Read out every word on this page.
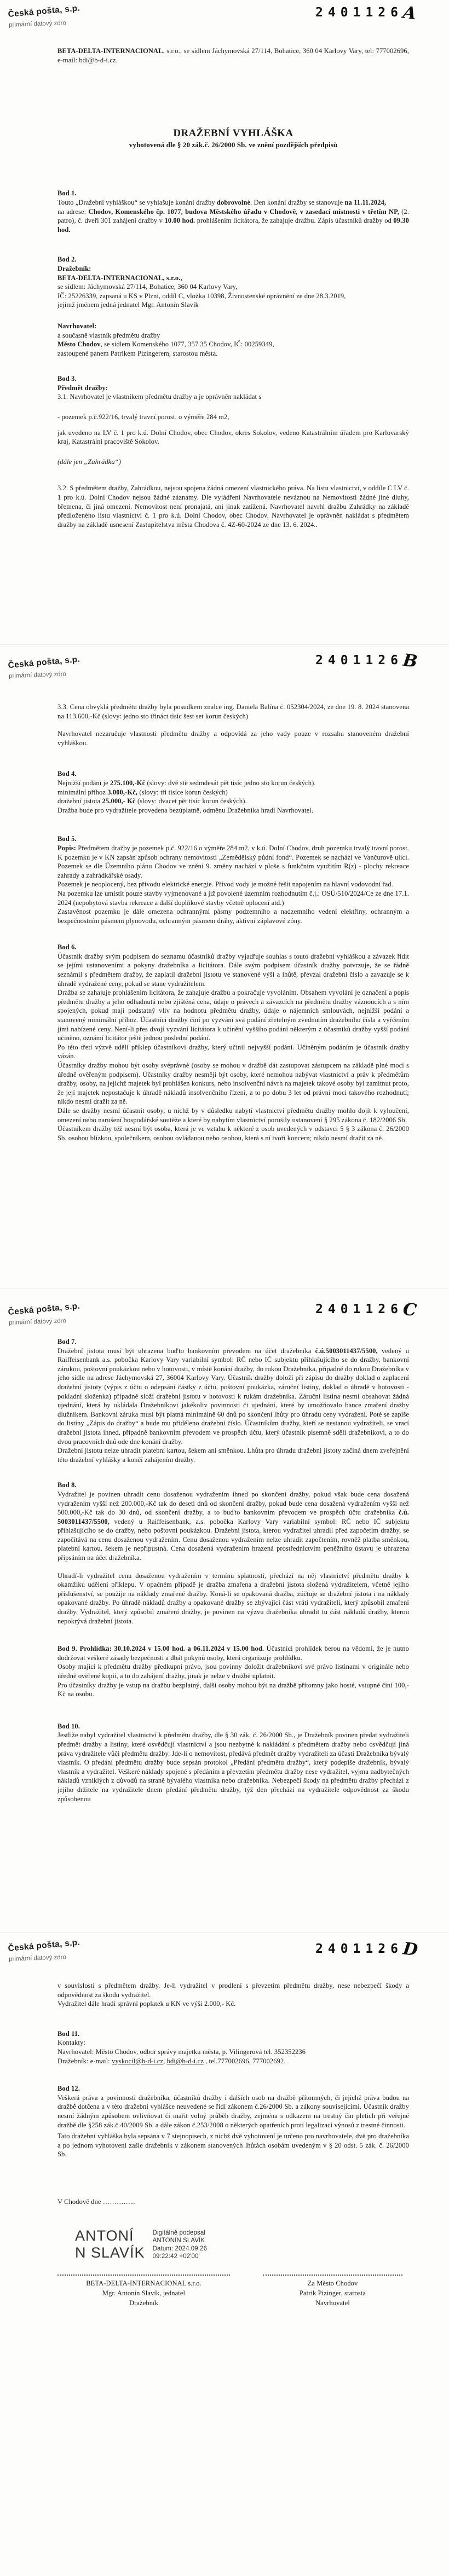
Česká pošta, s.p.
primární datový zdro
2401126A

BETA-DELTA-INTERNACIONAL, s.r.o., se sídlem Jáchymovská 27/114, Bohatice, 360 04 Karlovy Vary, tel: 777002696, e-mail: bdi@b-d-i.cz.

DRAŽEBNÍ VYHLÁŠKA
vyhotovená dle § 20 zák.č. 26/2000 Sb. ve znění pozdějších předpisů

Bod 1.

Touto „Dražební vyhláškou“ se vyhlašuje konání dražby dobrovolné. Den konání dražby se stanovuje na 11.11.2024,
na adrese: Chodov, Komenského čp. 1077, budova Městského úřadu v Chodově, v zasedací místnosti v třetím NP, (2. patro), č. dveří 301 zahájení dražby v 10.00 hod. prohlášením licitátora, že zahajuje dražbu. Zápis účastníků dražby od 09.30 hod.

Bod 2.

Dražebník:

BETA-DELTA-INTERNACIONAL, s.r.o.,

se sídlem: Jáchymovská 27/114, Bohatice, 360 04 Karlovy Vary,

IČ: 25226339, zapsaná u KS v Plzni, oddíl C, vložka 10398, Živnostenské oprávnění ze dne 28.3.2019,

jejímž jménem jedná jednatel Mgr. Antonín Slavík

Navrhovatel:

a současně vlastník předmětu dražby

Město Chodov, se sídlem Komenského 1077, 357 35 Chodov, IČ: 00259349,

zastoupené panem Patrikem Pizingerem, starostou města.

Bod 3.

Předmět dražby:

3.1. Navrhovatel je vlastníkem předmětu dražby a je oprávněn nakládat s

- pozemek p.č.922/16, trvalý travní porost, o výměře 284 m2,

jak uvedeno na LV č. 1 pro k.ú. Dolní Chodov, obec Chodov, okres Sokolov, vedeno Katastrálním úřadem pro Karlovarský kraj, Katastrální pracoviště Sokolov.

(dále jen „Zahrádka“)

3.2. S předmětem dražby, Zahrádkou, nejsou spojena žádná omezení vlastnického práva. Na listu vlastnictví, v oddíle C LV č. 1 pro k.ú. Dolní Chodov nejsou žádné záznamy. Dle vyjádření Navrhovatele neváznou na Nemovitosti žádné jiné dluhy, břemena, či jiná omezení. Nemovitost není pronajatá, ani jinak zatížená. Navrhovatel navrhl dražbu Zahrádky na základě předloženého listu vlastnictví č. 1 pro k.ú. Dolní Chodov, obec Chodov. Navrhovatel je oprávněn nakládat s předmětem dražby na základě usnesení Zastupitelstva města Chodova č. 4Z-60-2024 ze dne 13. 6. 2024..

Česká pošta, s.p.
primární datový zdro
2401126B

3.3. Cena obvyklá předmětu dražby byla posudkem znalce ing. Daniela Balína č. 052304/2024, ze dne 19. 8. 2024 stanovena na 113.600,-Kč (slovy: jedno sto třináct tisíc šest set korun českých)

Navrhovatel nezaručuje vlastnosti předmětu dražby a odpovídá za jeho vady pouze v rozsahu stanoveném dražební vyhláškou.

Bod 4.

Nejnižší podání je 275.100,-Kč (slovy: dvě stě sedmdesát pět tisíc jedno sto korun českých).

minimální příhoz 3.000,-Kč, (slovy: tři tisíce korun českých)

dražební jistota 25.000,- Kč (slovy: dvacet pět tisíc korun českých).

Dražba bude pro vydražitele provedena bezúplatně, odměnu Dražebníka hradí Navrhovatel.

Bod 5.

Popis: Předmětem dražby je pozemek p.č. 922/16 o výměře 284 m2, v k.ú. Dolní Chodov, druh pozemku trvalý travní porost. K pozemku je v KN zapsán způsob ochrany nemovitosti „Zemědělský půdní fond“. Pozemek se nachází ve Vančurově ulici. Pozemek se dle Územního plánu Chodov ve znění 9. změny nachází v ploše s funkčním využitím R(z) - plochy rekreace zahrady a zahrádkářské osady.

Pozemek je neoplocený, bez přívodu elektrické energie. Přívod vody je možné řešit napojením na hlavní vodovodní řad.

Na pozemku lze umístit pouze stavby vyjmenované a již povolené územním rozhodnutím č.j.: OSÚ/510/2024/Ce ze dne 17.1. 2024 (nepobytová stavba rekreace a další doplňkové stavby včetně oplocení atd.)

Zastavěnost pozemku je dále omezena ochrannými pásmy podzemního a nadzemního vedení elektřiny, ochranným a bezpečnostním pásmem plynovodu, ochranným pásmem dráhy, aktivní záplavové zóny.

Bod 6.

Účastník dražby svým podpisem do seznamu účastníků dražby vyjadřuje souhlas s touto dražební vyhláškou a závazek řídit se jejími ustanoveními a pokyny dražebníka a licitátora. Dále svým podpisem účastník dražby potvrzuje, že se řádně seznámil s předmětem dražby, že zaplatil dražební jistotu ve stanovené výši a lhůtě, převzal dražební číslo a zavazuje se k úhradě vydražené ceny, pokud se stane vydražitelem.

Dražba se zahajuje prohlášením licitátora, že zahajuje dražbu a pokračuje vyvoláním. Obsahem vyvolání je označení a popis předmětu dražby a jeho odhadnutá nebo zjištěná cena, údaje o právech a závazcích na předmětu dražby váznoucích a s ním spojených, pokud mají podstatný vliv na hodnotu předmětu dražby, údaje o nájemních smlouvách, nejnižší podání a stanovený minimální příhoz. Účastníci dražby činí po vyzvání svá podání zřetelným zvednutím dražebního čísla a vyřčením jimi nabízené ceny. Není-li přes dvojí vyzvání licitátora k učinění vyššího podání některým z účastníků dražby vyšší podání učiněno, oznámí licitátor ještě jednou poslední podání.

Po této třetí výzvě udělí příklep účastníkovi dražby, který učinil nejvyšší podání. Učiněným podáním je účastník dražby vázán.

Účastníky dražby mohou být osoby svéprávné (osoby se mohou v dražbě dát zastupovat zástupcem na základě plné moci s úředně ověřeným podpisem). Účastníky dražby nesmějí být osoby, které nemohou nabývat vlastnictví a práv k předmětům dražby, osoby, na jejichž majetek byl prohlášen konkurs, nebo insolvenční návrh na majetek takové osoby byl zamítnut proto, že její majetek nepostačuje k úhradě nákladů insolvenčního řízení, a to po dobu 3 let od právní moci takového rozhodnutí; nikdo nesmí dražit za ně.

Dále se dražby nesmí účastnit osoby, u nichž by v důsledku nabytí vlastnictví předmětu dražby mohlo dojít k vyloučení, omezení nebo narušení hospodářské soutěže a které by nabytím vlastnictví porušily ustanovení § 295 zákona č. 182/2006 Sb.

Účastníkem dražby též nesmí být osoba, která je ve vztahu k některé z osob uvedených v odstavci 5 § 3 zákona č. 26/2000 Sb. osobou blízkou, společníkem, osobou ovládanou nebo osobou, která s ní tvoří koncern; nikdo nesmí dražit za ně.

Česká pošta, s.p.
primární datový zdro
2401126C

Bod 7.

Dražební jistota musí být uhrazena buďto bankovním převodem na účet dražebníka č.ú.5003011437/5500, vedený u Raiffeisenbank a.s. pobočka Karlovy Vary variabilní symbol: RČ nebo IČ subjektu přihlašujícího se do dražby, bankovní zárukou, poštovní poukázkou nebo v hotovosti, v místě konání dražby, do rukou Dražebníka, případně do rukou Dražebníka v jeho sídle na adrese Jáchymovská 27, 36004 Karlovy Vary. Účastník dražby doloží při zápisu do dražby doklad o zaplacení dražební jistoty (výpis z účtu o odepsání částky z účtu, poštovní poukázka, záruční listiny, doklad o úhradě v hotovosti - pokladní složenka) případně složí dražební jistotu v hotovosti k rukám dražebníka. Záruční listina nesmí obsahovat žádná ujednání, která by ukládala Dražebníkovi jakékoliv povinnosti či ujednání, které by umožňovalo bance zmaření dražby dlužníkem. Bankovní záruka musí být platná minimálně 60 dnů po skončení lhůty pro úhradu ceny vydražení. Poté se zapíše do listiny „Zápis do dražby“ a bude mu přiděleno dražební číslo. Účastníkům dražby, kteří se nestanou vydražiteli, se vrací dražební jistota ihned, případně bankovním převodem ve prospěch účtu, který účastník písemně sdělí dražebníkovi, a to do dvou pracovních dnů ode dne konání dražby.

Dražební jistotu nelze uhradit platební kartou, šekem ani směnkou. Lhůta pro úhradu dražební jistoty začíná dnem zveřejnění této dražební vyhlášky a končí zahájením dražby.

Bod 8.

Vydražitel je povinen uhradit cenu dosaženou vydražením ihned po skončení dražby, pokud však bude cena dosažená vydražením vyšší než 200.000,-Kč tak do deseti dnů od skončení dražby, pokud bude cena dosažená vydražením vyšší než 500.000,-Kč tak do 30 dnů, od skončení dražby, a to buďto bankovním převodem ve prospěch účtu dražebníka č.ú. 5003011437/5500, vedený u Raiffeisenbank, a.s. pobočka Karlovy Vary variabilní symbol: RČ nebo IČ subjektu přihlašujícího se do dražby, nebo poštovní poukázkou. Dražební jistota, kterou vydražitel uhradil před započetím dražby, se započítává na cenu dosaženou vydražením. Cenu dosaženou vydražením nelze uhradit započtením, rovněž platba směnkou, platební kartou, šekem je nepřípustná. Cena dosažená vydražením hrazená prostřednictvím peněžního ústavu je uhrazena připsáním na účet dražebníka.

Uhradí-li vydražitel cenu dosaženou vydražením v termínu splatnosti, přechází na něj vlastnictví předmětu dražby k okamžiku udělení příklepu. V opačném případě je dražba zmařena a dražební jistota složená vydražitelem, včetně jejího příslušenství, se použije na náklady zmařené dražby. Koná-li se opakovaná dražba, zúčtuje se dražební jistota i na náklady opakované dražby. Po úhradě nákladů dražby a opakované dražby se zbývající část vrátí vydražiteli, který způsobil zmaření dražby. Vydražitel, který způsobil zmaření dražby, je povinen na výzvu dražebníka uhradit tu část nákladů dražby, kterou nepokrývá dražební jistota.

Bod 9. Prohlídka: 30.10.2024 v 15.00 hod. a 06.11.2024 v 15.00 hod. Účastníci prohlídek berou na vědomí, že je nutno dodržovat veškeré zásady bezpečnosti a dbát pokynů osoby, která organizuje prohlídku.

Osoby mající k předmětu dražby předkupní právo, jsou povinny doložit dražebníkovi své právo listinami v originále nebo úředně ověřené kopii, a to do zahájení dražby, jinak je nelze v dražbě uplatnit.

Pro účastníky dražby je vstup na dražbu bezplatný, další osoby mohou být na dražbě přítomny jako hosté, vstupné činí 100,-Kč na osobu.

Bod 10.

Jestliže nabyl vydražitel vlastnictví k předmětu dražby, dle § 30 zák. č. 26/2000 Sb., je Dražebník povinen předat vydražiteli předmět dražby a listiny, které osvědčují vlastnictví a jsou nezbytné k nakládání s předmětem dražby nebo osvědčují jiná práva vydražitele vůči předmětu dražby. Jde-li o nemovitost, předává předmět dražby vydražiteli za účasti Dražebníka bývalý vlastník. O předání předmětu dražby bude sepsán protokol „Předání předmětu dražby“, který podepíše dražebník, bývalý vlastník a vydražitel. Veškeré náklady spojené s předáním a převzetím předmětu dražby nese vydražitel, vyjma nadbytečných nákladů vzniklých z důvodů na straně bývalého vlastníka nebo dražebníka. Nebezpečí škody na předmětu dražby přechází z jejího držitele na vydražitele dnem předání předmětu dražby, týž den přechází na vydražitele odpovědnost za škodu způsobenou

Česká pošta, s.p.
primární datový zdro
2401126D

v souvislosti s předmětem dražby. Je-li vydražitel v prodlení s převzetím předmětu dražby, nese nebezpečí škody a odpovědnost za škodu vydražitel.

Vydražitel dále hradí správní poplatek u KN ve výši 2.000,- Kč.

Bod 11.

Kontakty:

Navrhovatel: Město Chodov, odbor správy majetku města, p. Vilingerová tel. 352352236

Dražebník: e-mail: vyskocil@b-d-i.cz, bdi@b-d-i.cz , tel.777002696, 777002692.

Bod 12.

Veškerá práva a povinnosti dražebníka, účastníků dražby i dalších osob na dražbě přítomných, či jejichž práva budou na dražbě dotčena a v této dražební vyhlášce neuvedené se řídí zákonem č.26/2000 Sb. a zákony souvisejícími. Účastník dražby nesmí žádným způsobem ovlivňovat či mařit volný průběh dražby, zejména s odkazem na trestný čin pletich při veřejné dražbě dle §258 zák.č.40/2009 Sb. a dále zákon č.253/2008 o některých opatřeních proti legalizaci výnosů z trestné činnosti.

Tato dražební vyhláška byla sepsána v 7 stejnopisech, z nichž dvě vyhotovení je určeno pro navrhovatele, dvě pro dražebníka a po jednom vyhotovení zašle dražebník v zákonem stanovených lhůtách osobám uvedeným v § 20 odst. 5 zák. č. 26/2000 Sb.

V Chodově dne …………...

ANTONÍ
N SLAVÍK
Digitálně podepsal
ANTONÍN SLAVÍK
Datum: 2024.09.26
09:22:42 +02'00'
BETA-DELTA-INTERNACIONAL s.r.o.
Mgr. Antonín Slavík, jednatel
Dražebník
Za Město Chodov
Patrik Pizinger, starosta
Navrhovatel
